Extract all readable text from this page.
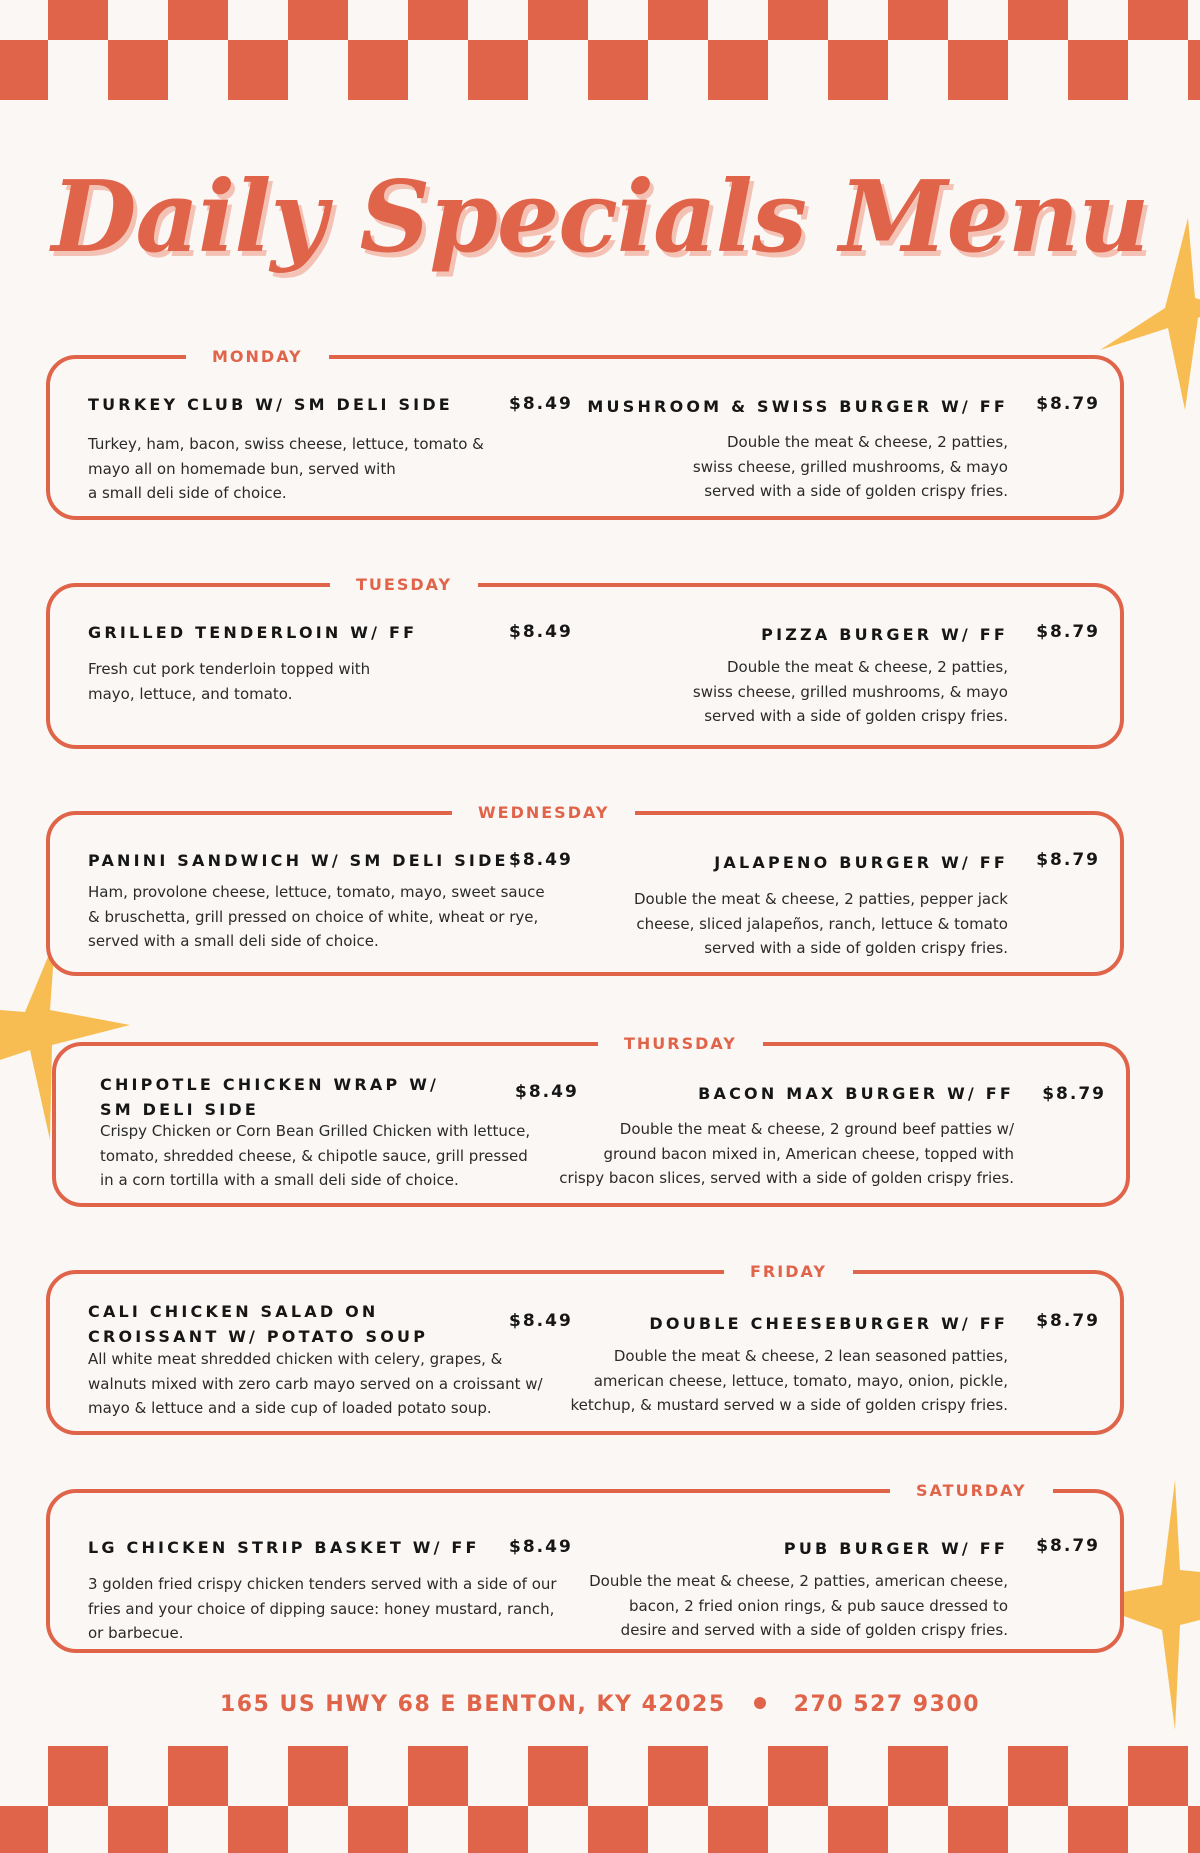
Daily Specials Menu
MONDAY
TURKEY CLUB W/ SM DELI SIDE	$8.49
Turkey, ham, bacon, swiss cheese, lettuce, tomato &
mayo all on homemade bun, served with
a small deli side of choice.
MUSHROOM & SWISS BURGER W/ FF $8.79
Double the meat & cheese, 2 patties,
swiss cheese, grilled mushrooms, & mayo
served with a side of golden crispy fries.
TUESDAY
GRILLED TENDERLOIN W/ FF	$8.49
Fresh cut pork tenderloin topped with
mayo, lettuce, and tomato.
PIZZA BURGER W/ FF $8.79
Double the meat & cheese, 2 patties,
swiss cheese, grilled mushrooms, & mayo
served with a side of golden crispy fries.
WEDNESDAY
PANINI SANDWICH W/ SM DELI SIDE $8.49
Ham, provolone cheese, lettuce, tomato, mayo, sweet sauce
& bruschetta, grill pressed on choice of white, wheat or rye,
served with a small deli side of choice.
JALAPENO BURGER W/ FF $8.79
Double the meat & cheese, 2 patties, pepper jack
cheese, sliced jalapeños, ranch, lettuce & tomato
served with a side of golden crispy fries.
THURSDAY
CHIPOTLE CHICKEN WRAP W/ SM DELI SIDE
$8.49
Crispy Chicken or Corn Bean Grilled Chicken with lettuce,
tomato, shredded cheese, & chipotle sauce, grill pressed
in a corn tortilla with a small deli side of choice.
BACON MAX BURGER W/ FF $8.79
Double the meat & cheese, 2 ground beef patties w/
ground bacon mixed in, American cheese, topped with
crispy bacon slices, served with a side of golden crispy fries.
FRIDAY
CALI CHICKEN SALAD ON CROISSANT W/ POTATO SOUP
$8.49
All white meat shredded chicken with celery, grapes, &
walnuts mixed with zero carb mayo served on a croissant w/
mayo & lettuce and a side cup of loaded potato soup.
DOUBLE CHEESEBURGER W/ FF $8.79
Double the meat & cheese, 2 lean seasoned patties,
american cheese, lettuce, tomato, mayo, onion, pickle,
ketchup, & mustard served w a side of golden crispy fries.
SATURDAY
LG CHICKEN STRIP BASKET W/ FF	$8.49
3 golden fried crispy chicken tenders served with a side of our
fries and your choice of dipping sauce: honey mustard, ranch,
or barbecue.
PUB BURGER W/ FF $8.79
Double the meat & cheese, 2 patties, american cheese,
bacon, 2 fried onion rings, & pub sauce dressed to
desire and served with a side of golden crispy fries.
165 US HWY 68 E BENTON, KY 42025	270 527 9300
